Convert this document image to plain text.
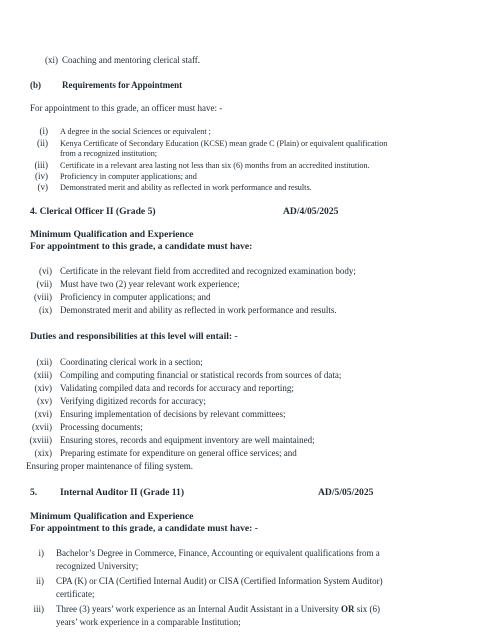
(xi) Coaching and mentoring clerical staff.
(b) Requirements for Appointment
For appointment to this grade, an officer must have: -
(i) A degree in the social Sciences or equivalent ;
(ii) Kenya Certificate of Secondary Education (KCSE) mean grade C (Plain) or equivalent qualification
from a recognized institution;
(iii) Certificate in a relevant area lasting not less than six (6) months from an accredited institution.
(iv) Proficiency in computer applications; and
(v) Demonstrated merit and ability as reflected in work performance and results.
4. Clerical Officer II (Grade 5)	AD/4/05/2025
Minimum Qualification and Experience
For appointment to this grade, a candidate must have:
(vi) Certificate in the relevant field from accredited and recognized examination body;
(vii) Must have two (2) year relevant work experience;
(viii) Proficiency in computer applications; and
(ix) Demonstrated merit and ability as reflected in work performance and results.
Duties and responsibilities at this level will entail: -
(xii) Coordinating clerical work in a section;
(xiii) Compiling and computing financial or statistical records from sources of data;
(xiv) Validating compiled data and records for accuracy and reporting;
(xv) Verifying digitized records for accuracy;
(xvi) Ensuring implementation of decisions by relevant committees;
(xvii) Processing documents;
(xviii) Ensuring stores, records and equipment inventory are well maintained;
(xix) Preparing estimate for expenditure on general office services; and
Ensuring proper maintenance of filing system.
5. Internal Auditor II (Grade 11)	AD/5/05/2025
Minimum Qualification and Experience
For appointment to this grade, a candidate must have: -
i) Bachelor’s Degree in Commerce, Finance, Accounting or equivalent qualifications from a
recognized University;
ii) CPA (K) or CIA (Certified Internal Audit) or CISA (Certified Information System Auditor)
certificate;
iii) Three (3) years’ work experience as an Internal Audit Assistant in a University OR six (6)
years’ work experience in a comparable Institution;
